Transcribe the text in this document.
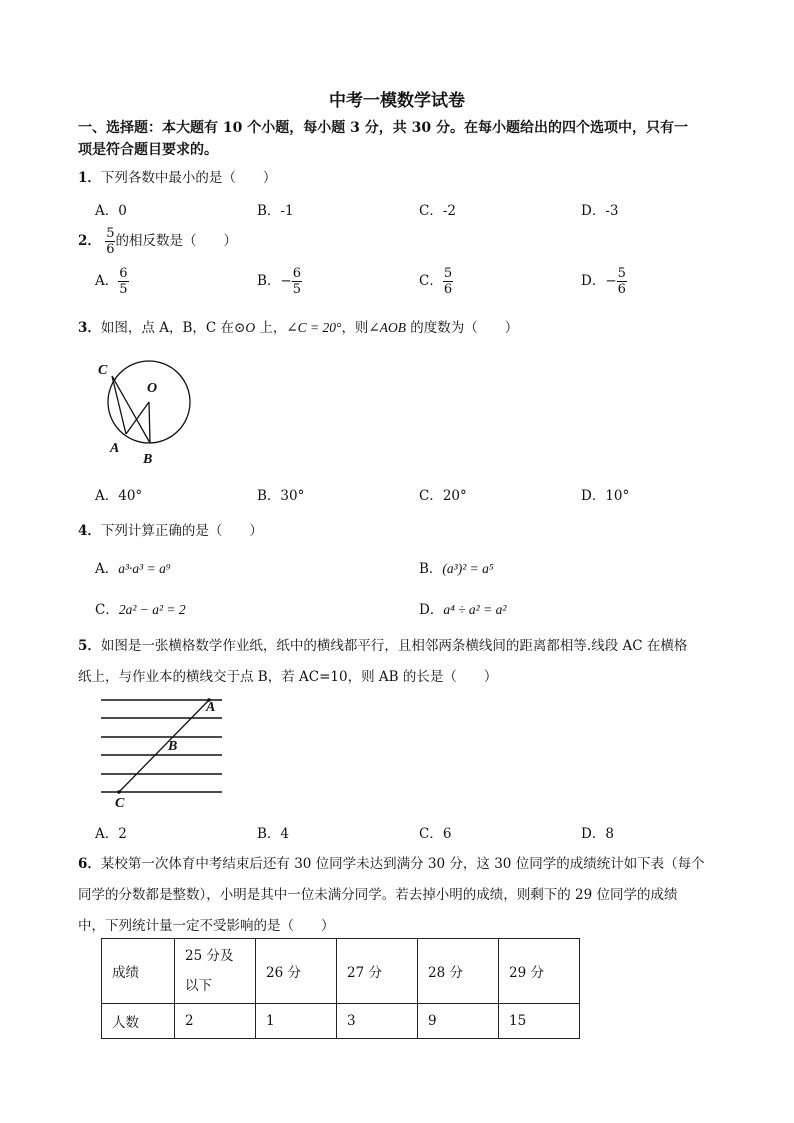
中考一模数学试卷
一、选择题：本大题有 10 个小题，每小题 3 分，共 30 分。在每小题给出的四个选项中，只有一
项是符合题目要求的。
1．下列各数中最小的是（　　）
A．0	B．-1	C．-2	D．-3
2． $\frac{5}{6}$ 的相反数是（　　）
A． $\frac{6}{5}$	B．− $\frac{6}{5}$	C． $\frac{5}{6}$	D．− $\frac{5}{6}$
3．如图，点 A，B，C 在⊙O 上，∠C = 20°，则∠AOB 的度数为（　　）
C
O
A
B
A．40°	B．30°	C．20°	D．10°
4．下列计算正确的是（　　）
A．a³·a³ = a⁹	B．(a³)² = a⁵
C．2a² − a² = 2	D．a⁴ ÷ a² = a²
5．如图是一张横格数学作业纸，纸中的横线都平行，且相邻两条横线间的距离都相等.线段 AC 在横格
纸上，与作业本的横线交于点 B，若 AC=10，则 AB 的长是（　　）
A
B
C
A．2	B．4	C．6	D．8
6．某校第一次体育中考结束后还有 30 位同学未达到满分 30 分，这 30 位同学的成绩统计如下表（每个
同学的分数都是整数），小明是其中一位未满分同学。若去掉小明的成绩，则剩下的 29 位同学的成绩
中，下列统计量一定不受影响的是（　　）
成绩	25 分及以下	26 分	27 分	28 分	29 分
人数	2	1	3	9	15
